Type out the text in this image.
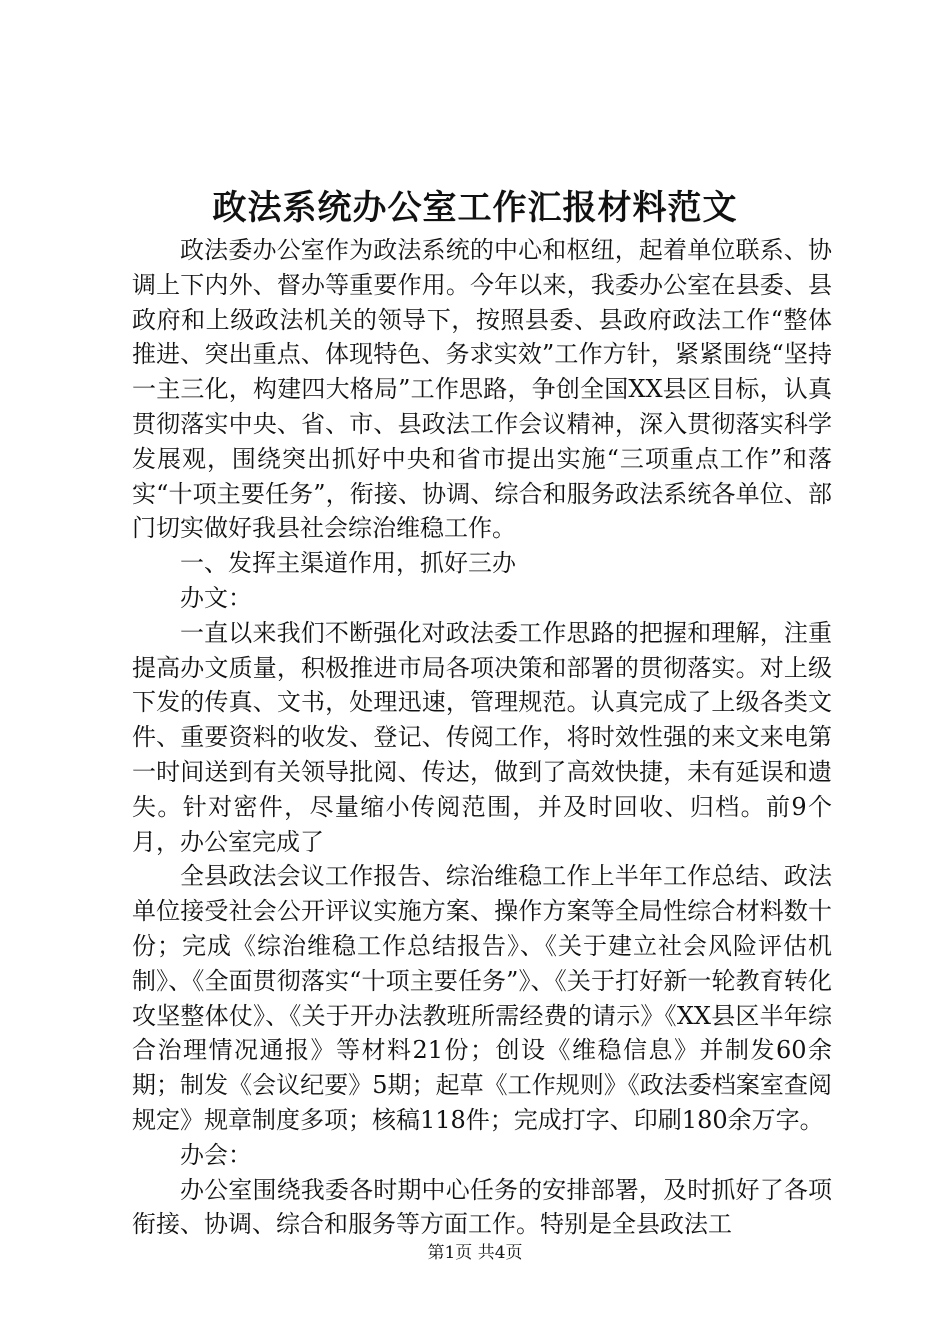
政法系统办公室工作汇报材料范文

政法委办公室作为政法系统的中心和枢纽，起着单位联系、协调上下内外、督办等重要作用。今年以来，我委办公室在县委、县政府和上级政法机关的领导下，按照县委、县政府政法工作“整体推进、突出重点、体现特色、务求实效”工作方针，紧紧围绕“坚持一主三化，构建四大格局”工作思路，争创全国XX县区目标，认真贯彻落实中央、省、市、县政法工作会议精神，深入贯彻落实科学发展观，围绕突出抓好中央和省市提出实施“三项重点工作”和落实“十项主要任务”，衔接、协调、综合和服务政法系统各单位、部门切实做好我县社会综治维稳工作。

一、发挥主渠道作用，抓好三办

办文：

一直以来我们不断强化对政法委工作思路的把握和理解，注重提高办文质量，积极推进市局各项决策和部署的贯彻落实。对上级下发的传真、文书，处理迅速，管理规范。认真完成了上级各类文件、重要资料的收发、登记、传阅工作，将时效性强的来文来电第一时间送到有关领导批阅、传达，做到了高效快捷，未有延误和遗失。针对密件，尽量缩小传阅范围，并及时回收、归档。前9个月，办公室完成了

全县政法会议工作报告、综治维稳工作上半年工作总结、政法单位接受社会公开评议实施方案、操作方案等全局性综合材料数十份；完成《综治维稳工作总结报告》、《关于建立社会风险评估机制》、《全面贯彻落实“十项主要任务”》、《关于打好新一轮教育转化攻坚整体仗》、《关于开办法教班所需经费的请示》《XX县区半年综合治理情况通报》等材料21份；创设《维稳信息》并制发60余期；制发《会议纪要》5期；起草《工作规则》《政法委档案室查阅规定》规章制度多项；核稿118件；完成打字、印刷180余万字。

办会：

办公室围绕我委各时期中心任务的安排部署，及时抓好了各项衔接、协调、综合和服务等方面工作。特别是全县政法工

第1页 共4页
